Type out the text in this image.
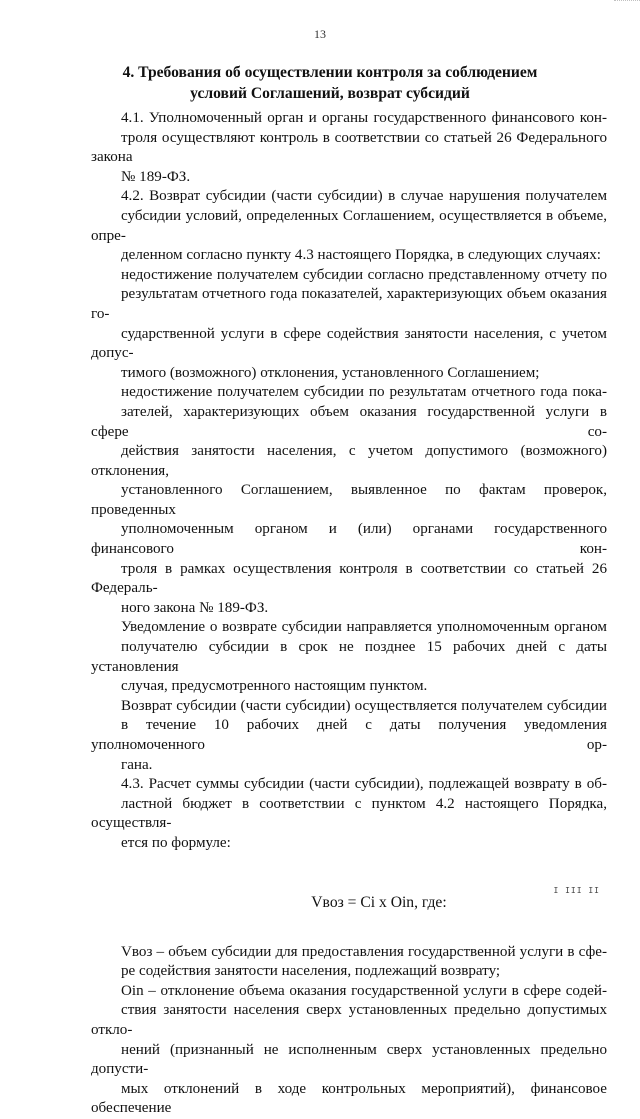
13
4. Требования об осуществлении контроля за соблюдением
условий Соглашений, возврат субсидий

4.1. Уполномоченный орган и органы государственного финансового кон-
троля осуществляют контроль в соответствии со статьей 26 Федерального закона
№ 189-ФЗ.

4.2. Возврат субсидии (части субсидии) в случае нарушения получателем
субсидии условий, определенных Соглашением, осуществляется в объеме, опре-
деленном согласно пункту 4.3 настоящего Порядка, в следующих случаях:

недостижение получателем субсидии согласно представленному отчету по
результатам отчетного года показателей, характеризующих объем оказания го-
сударственной услуги в сфере содействия занятости населения, с учетом допус-
тимого (возможного) отклонения, установленного Соглашением;

недостижение получателем субсидии по результатам отчетного года пока-
зателей, характеризующих объем оказания государственной услуги в сфере со-
действия занятости населения, с учетом допустимого (возможного) отклонения,
установленного Соглашением, выявленное по фактам проверок, проведенных
уполномоченным органом и (или) органами государственного финансового кон-
троля в рамках осуществления контроля в соответствии со статьей 26 Федераль-
ного закона № 189-ФЗ.

Уведомление о возврате субсидии направляется уполномоченным органом
получателю субсидии в срок не позднее 15 рабочих дней с даты установления
случая, предусмотренного настоящим пунктом.

Возврат субсидии (части субсидии) осуществляется получателем субсидии
в течение 10 рабочих дней с даты получения уведомления уполномоченного ор-
гана.

4.3. Расчет суммы субсидии (части субсидии), подлежащей возврату в об-
ластной бюджет в соответствии с пунктом 4.2 настоящего Порядка, осуществля-
ется по формуле:

Vвоз = Ci x Oin, где:

Vвоз – объем субсидии для предоставления государственной услуги в сфе-
ре содействия занятости населения, подлежащий возврату;

Oin – отклонение объема оказания государственной услуги в сфере содей-
ствия занятости населения сверх установленных предельно допустимых откло-
нений (признанный не исполненным сверх установленных предельно допусти-
мых отклонений в ходе контрольных мероприятий), финансовое обеспечение

I III II
